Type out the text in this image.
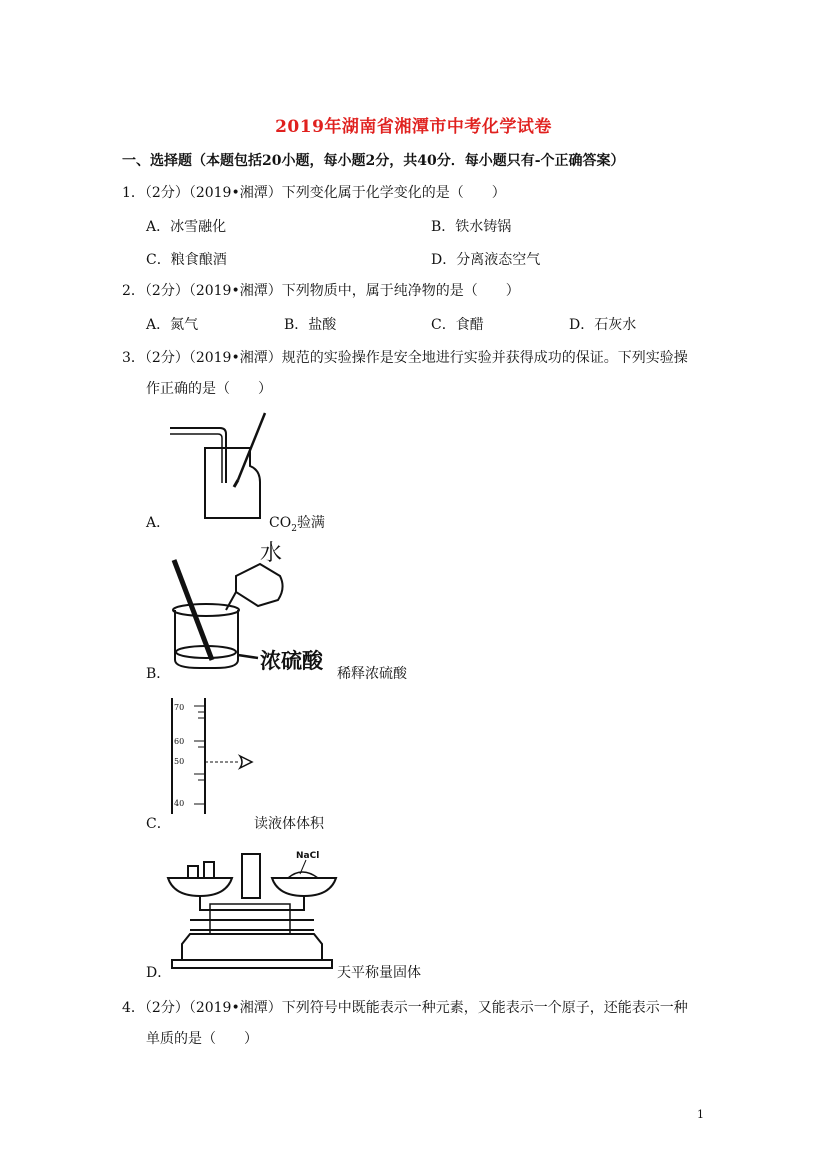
2019年湖南省湘潭市中考化学试卷
一、选择题（本题包括20小题，每小题2分，共40分．每小题只有-个正确答案）
1．（2分）（2019•湘潭）下列变化属于化学变化的是（　　）
A．冰雪融化	B．铁水铸锅
C．粮食酿酒	D．分离液态空气
2．（2分）（2019•湘潭）下列物质中，属于纯净物的是（　　）
A．氮气	B．盐酸	C．食醋	D．石灰水
3．（2分）（2019•湘潭）规范的实验操作是安全地进行实验并获得成功的保证。下列实验操
作正确的是（　　）
A．	$CO_2$验满
水
浓硫酸
B．	稀释浓硫酸
70
60
50
40
C．	读液体体积
NaCl
D．	天平称量固体
4．（2分）（2019•湘潭）下列符号中既能表示一种元素，又能表示一个原子，还能表示一种
单质的是（　　）
1
